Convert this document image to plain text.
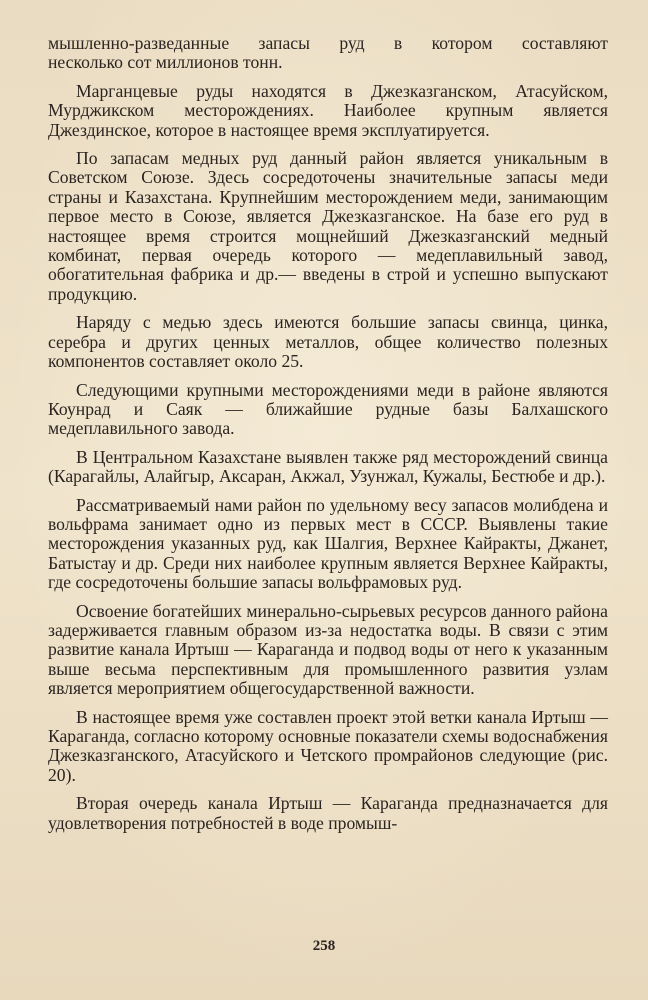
мышленно-разведанные запасы руд в котором составляют
несколько сот миллионов тонн.

Марганцевые руды находятся в Джезказганском, Атасуйском, Мурджикском месторождениях. Наиболее крупным является Джездинское, которое в настоящее время эксплуатируется.

По запасам медных руд данный район является уникальным в Советском Союзе. Здесь сосредоточены значительные запасы меди страны и Казахстана. Крупнейшим месторождением меди, занимающим первое место в Союзе, является Джезказганское. На базе его руд в настоящее время строится мощнейший Джезказганский медный комбинат, первая очередь которого — медеплавильный завод, обогатительная фабрика и др.— введены в строй и успешно выпускают продукцию.

Наряду с медью здесь имеются большие запасы свинца, цинка, серебра и других ценных металлов, общее количество полезных компонентов составляет около 25.

Следующими крупными месторождениями меди в районе являются Коунрад и Саяк — ближайшие рудные базы Балхашского медеплавильного завода.

В Центральном Казахстане выявлен также ряд месторождений свинца (Карагайлы, Алайгыр, Аксаран, Акжал, Узунжал, Кужалы, Бестюбе и др.).

Рассматриваемый нами район по удельному весу запасов молибдена и вольфрама занимает одно из первых мест в СССР. Выявлены такие месторождения указанных руд, как Шалгия, Верхнее Кайракты, Джанет, Батыстау и др. Среди них наиболее крупным является Верхнее Кайракты, где сосредоточены большие запасы вольфрамовых руд.

Освоение богатейших минерально-сырьевых ресурсов данного района задерживается главным образом из-за недостатка воды. В связи с этим развитие канала Иртыш — Караганда и подвод воды от него к указанным выше весьма перспективным для промышленного развития узлам является мероприятием общегосударственной важности.

В настоящее время уже составлен проект этой ветки канала Иртыш — Караганда, согласно которому основные показатели схемы водоснабжения Джезказганского, Атасуйского и Четского промрайонов следующие (рис. 20).

Вторая очередь канала Иртыш — Караганда предназначается для удовлетворения потребностей в воде промыш-

258
